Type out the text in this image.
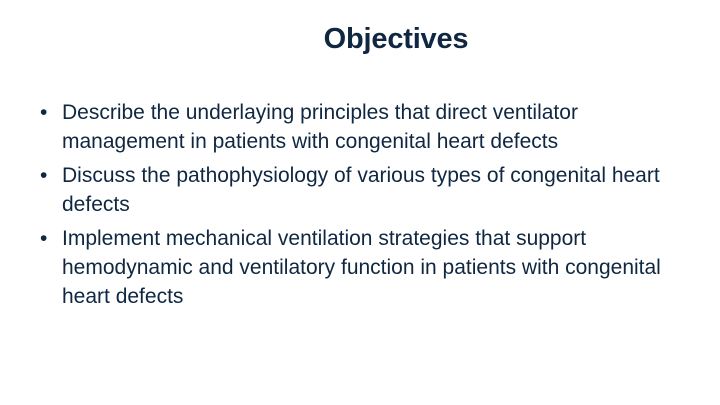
Objectives
• Describe the underlaying principles that direct ventilator management in patients with congenital heart defects
• Discuss the pathophysiology of various types of congenital heart defects
• Implement mechanical ventilation strategies that support hemodynamic and ventilatory function in patients with congenital heart defects
